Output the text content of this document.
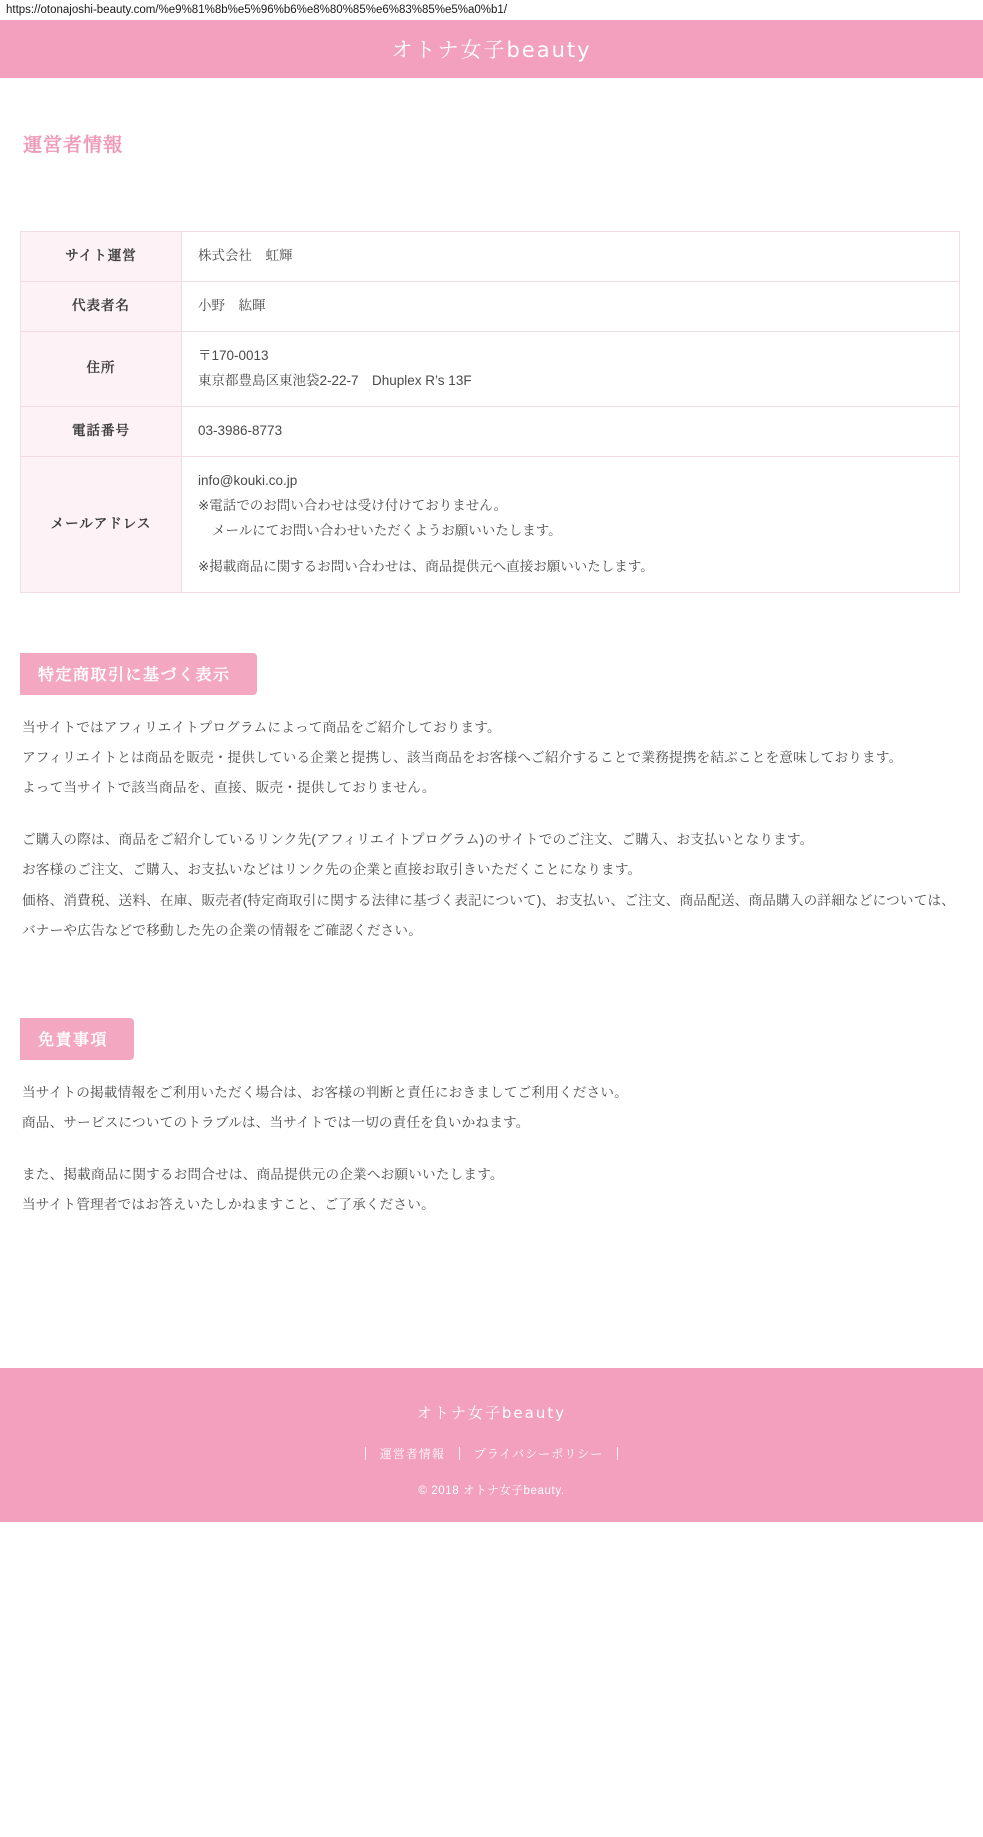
https://otonajoshi-beauty.com/%e9%81%8b%e5%96%b6%e8%80%85%e6%83%85%e5%a0%b1/
オトナ女子beauty
運営者情報
サイト運営	株式会社　虹輝
代表者名	小野　紘暉
住所	〒170-0013
東京都豊島区東池袋2-22-7　Dhuplex R’s 13F
電話番号	03-3986-8773
メールアドレス	info@kouki.co.jp
※電話でのお問い合わせは受け付けておりません。

メールにてお問い合わせいただくようお願いいたします。
※掲載商品に関するお問い合わせは、商品提供元へ直接お願いいたします。
特定商取引に基づく表示

当サイトではアフィリエイトプログラムによって商品をご紹介しております。
アフィリエイトとは商品を販売・提供している企業と提携し、該当商品をお客様へご紹介することで業務提携を結ぶことを意味しております。
よって当サイトで該当商品を、直接、販売・提供しておりません。

ご購入の際は、商品をご紹介しているリンク先(アフィリエイトプログラム)のサイトでのご注文、ご購入、お支払いとなります。
お客様のご注文、ご購入、お支払いなどはリンク先の企業と直接お取引きいただくことになります。
価格、消費税、送料、在庫、販売者(特定商取引に関する法律に基づく表記について)、お支払い、ご注文、商品配送、商品購入の詳細などについては、バナーや広告などで移動した先の企業の情報をご確認ください。

免責事項

当サイトの掲載情報をご利用いただく場合は、お客様の判断と責任におきましてご利用ください。
商品、サービスについてのトラブルは、当サイトでは一切の責任を負いかねます。

また、掲載商品に関するお問合せは、商品提供元の企業へお願いいたします。
当サイト管理者ではお答えいたしかねますこと、ご了承ください。

オトナ女子beauty
運営者情報	プライバシーポリシー
© 2018 オトナ女子beauty.
